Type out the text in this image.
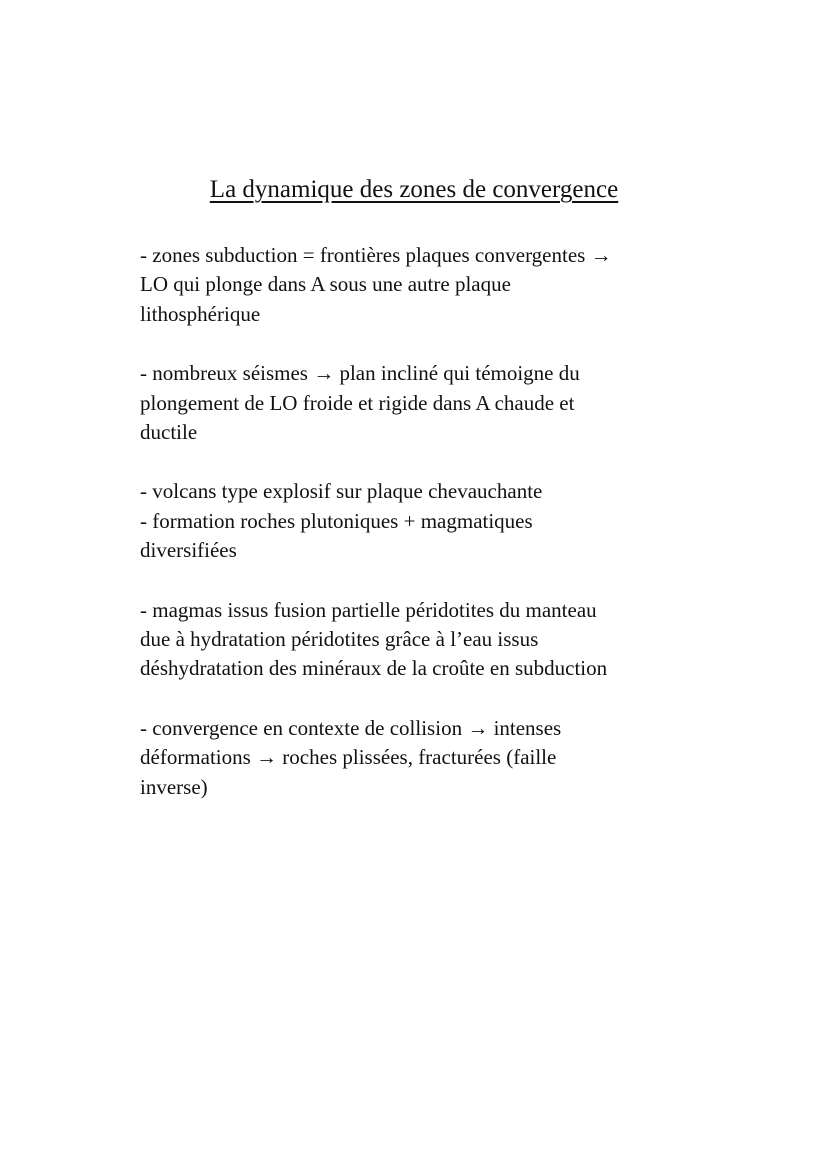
La dynamique des zones de convergence

- zones subduction = frontières plaques convergentes →
LO qui plonge dans A sous une autre plaque
lithosphérique

- nombreux séismes → plan incliné qui témoigne du
plongement de LO froide et rigide dans A chaude et
ductile

- volcans type explosif sur plaque chevauchante
- formation roches plutoniques + magmatiques
diversifiées

- magmas issus fusion partielle péridotites du manteau
due à hydratation péridotites grâce à l’eau issus
déshydratation des minéraux de la croûte en subduction

- convergence en contexte de collision → intenses
déformations → roches plissées, fracturées (faille
inverse)
